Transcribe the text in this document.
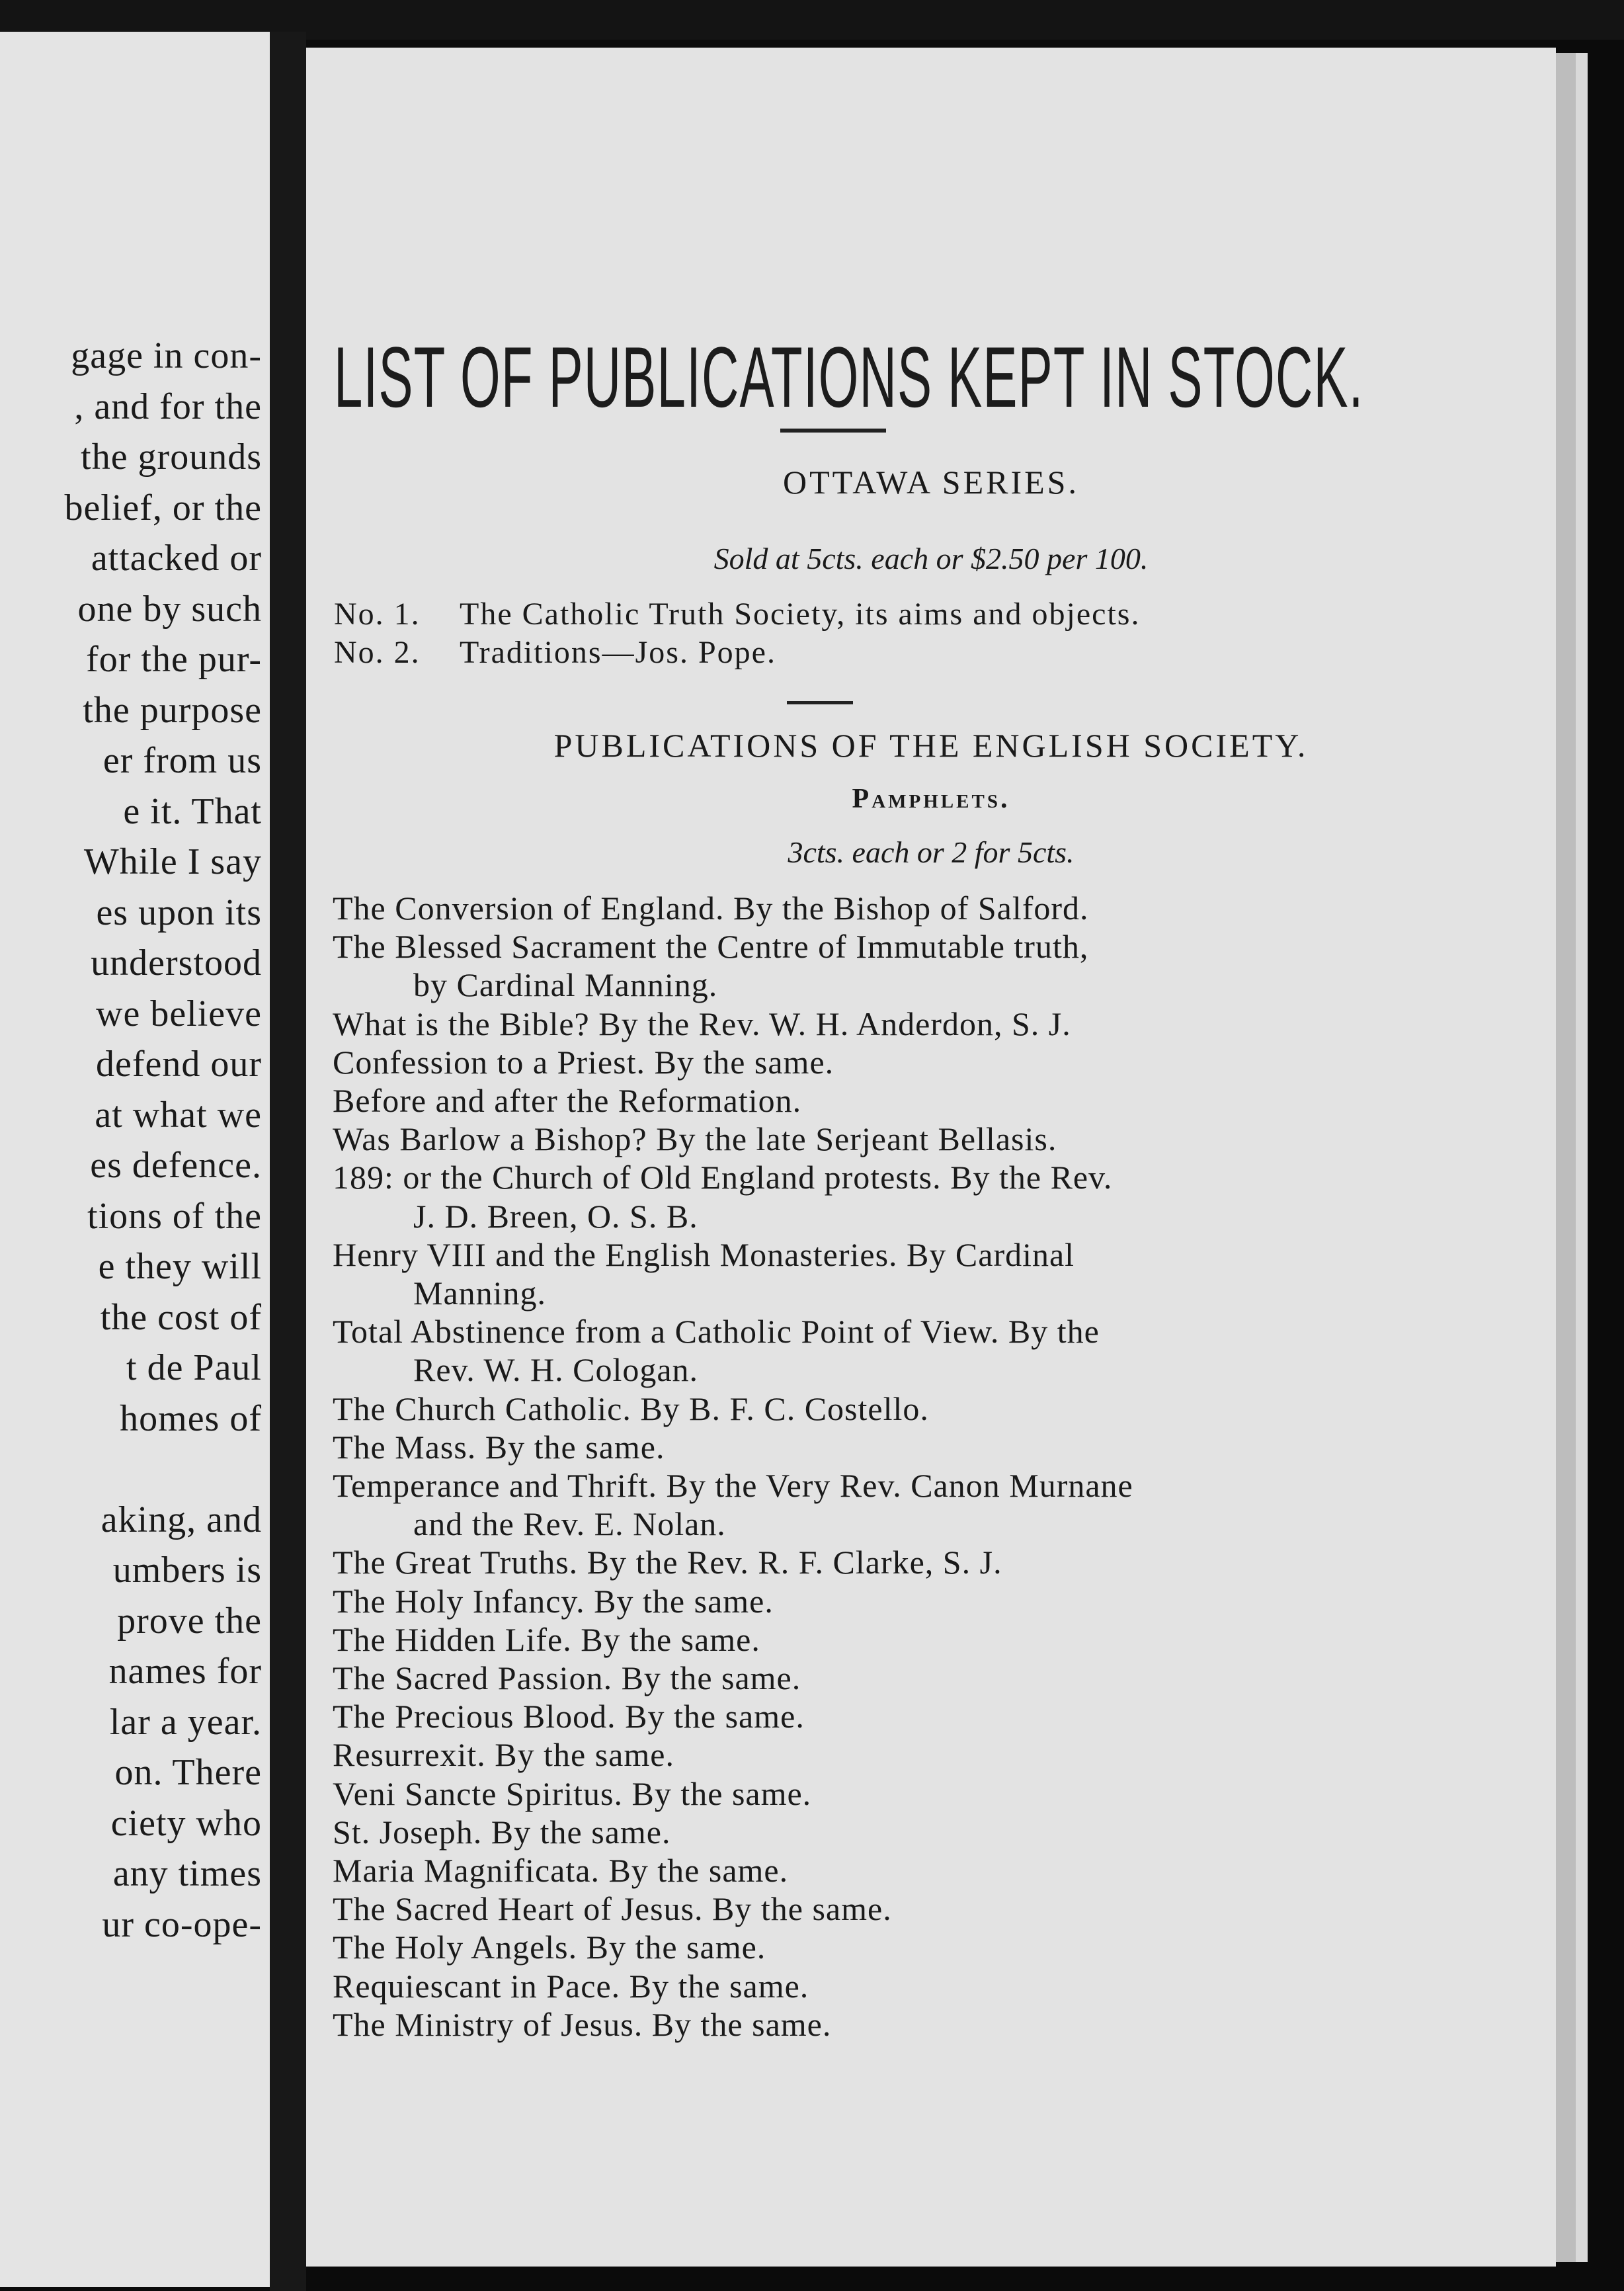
gage in con-
, and for the
the grounds
belief, or the
attacked or
one by such
for the pur-
the purpose
er from us
e it. That
While I say
es upon its
understood
we believe
defend our
at what we
es defence.
tions of the
e they will
the cost of
t de Paul
homes of
aking, and
umbers is
prove the
names for
lar a year.
on. There
ciety who
any times
ur co-ope-
LIST OF PUBLICATIONS KEPT IN STOCK.
OTTAWA SERIES.
Sold at 5cts. each or $2.50 per 100.
No. 1. The Catholic Truth Society, its aims and objects.
No. 2. Traditions—Jos. Pope.
PUBLICATIONS OF THE ENGLISH SOCIETY.
Pamphlets.
3cts. each or 2 for 5cts.
The Conversion of England. By the Bishop of Salford.
The Blessed Sacrament the Centre of Immutable truth,
by Cardinal Manning.
What is the Bible? By the Rev. W. H. Anderdon, S. J.
Confession to a Priest. By the same.
Before and after the Reformation.
Was Barlow a Bishop? By the late Serjeant Bellasis.
189: or the Church of Old England protests. By the Rev.
J. D. Breen, O. S. B.
Henry VIII and the English Monasteries. By Cardinal
Manning.
Total Abstinence from a Catholic Point of View. By the
Rev. W. H. Cologan.
The Church Catholic. By B. F. C. Costello.
The Mass. By the same.
Temperance and Thrift. By the Very Rev. Canon Murnane
and the Rev. E. Nolan.
The Great Truths. By the Rev. R. F. Clarke, S. J.
The Holy Infancy. By the same.
The Hidden Life. By the same.
The Sacred Passion. By the same.
The Precious Blood. By the same.
Resurrexit. By the same.
Veni Sancte Spiritus. By the same.
St. Joseph. By the same.
Maria Magnificata. By the same.
The Sacred Heart of Jesus. By the same.
The Holy Angels. By the same.
Requiescant in Pace. By the same.
The Ministry of Jesus. By the same.
